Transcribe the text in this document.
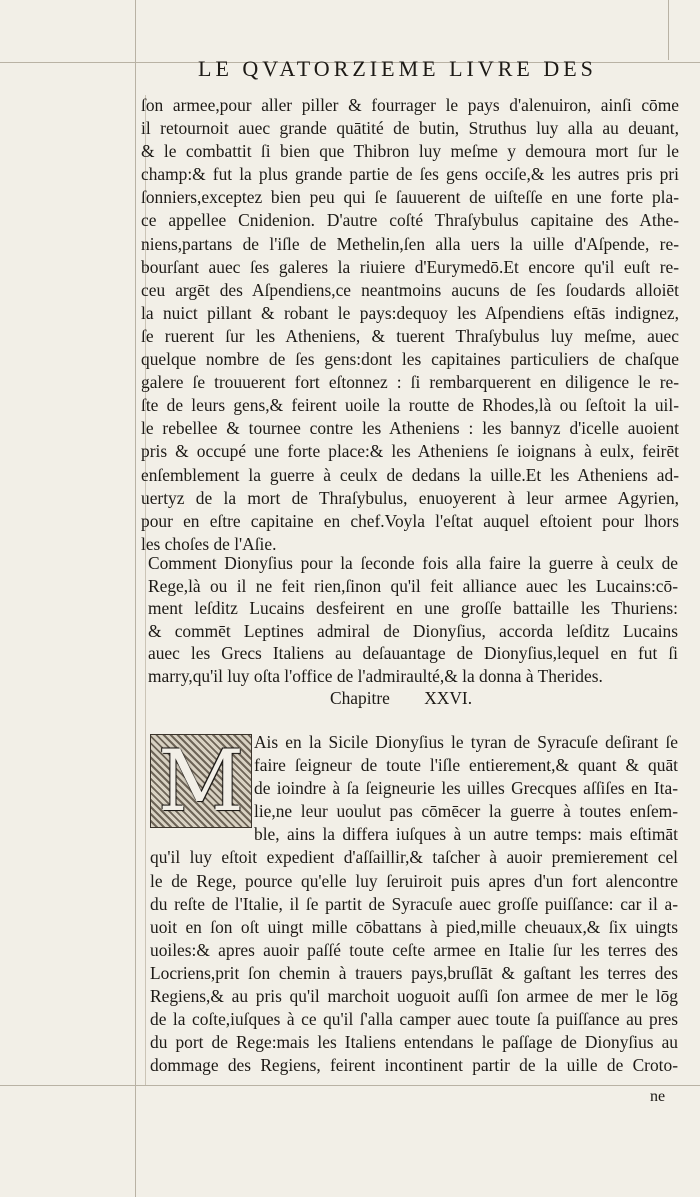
LE QVATORZIEME LIVRE DES
ſon armee,pour aller piller & fourrager le pays d'alenuiron, ainſi cōme
il retournoit auec grande quātité de butin, Struthus luy alla au deuant,
& le combattit ſi bien que Thibron luy meſme y demoura mort ſur le
champ:& fut la plus grande partie de ſes gens occiſe,& les autres pris pri
ſonniers,exceptez bien peu qui ſe ſauuerent de uiſteſſe en une forte pla-
ce appellee Cnidenion. D'autre coſté Thraſybulus capitaine des Athe-
niens,partans de l'iſle de Methelin,ſen alla uers la uille d'Aſpende, re-
bourſant auec ſes galeres la riuiere d'Eurymedō.Et encore qu'il euſt re-
ceu argēt des Aſpendiens,ce neantmoins aucuns de ſes ſoudards alloiēt
la nuict pillant & robant le pays:dequoy les Aſpendiens eſtās indignez,
ſe ruerent ſur les Atheniens, & tuerent Thraſybulus luy meſme, auec
quelque nombre de ſes gens:dont les capitaines particuliers de chaſque
galere ſe trouuerent fort eſtonnez : ſi rembarquerent en diligence le re-
ſte de leurs gens,& feirent uoile la routte de Rhodes,là ou ſeſtoit la uil-
le rebellee & tournee contre les Atheniens : les bannyz d'icelle auoient
pris & occupé une forte place:& les Atheniens ſe ioignans à eulx, feirēt
enſemblement la guerre à ceulx de dedans la uille.Et les Atheniens ad-
uertyz de la mort de Thraſybulus, enuoyerent à leur armee Agyrien,
pour en eſtre capitaine en chef.Voyla l'eſtat auquel eſtoient pour lhors
les choſes de l'Aſie.
Comment Dionyſius pour la ſeconde fois alla faire la guerre à ceulx de
Rege,là ou il ne feit rien,ſinon qu'il feit alliance auec les Lucains:cō-
ment leſditz Lucains desfeirent en une groſſe battaille les Thuriens:
& commēt Leptines admiral de Dionyſius, accorda leſditz Lucains
auec les Grecs Italiens au deſauantage de Dionyſius,lequel en fut ſi
marry,qu'il luy oſta l'office de l'admiraulté,& la donna à Therides.
Chapitre XXVI.
M Ais en la Sicile Dionyſius le tyran de Syracuſe deſirant ſe
faire ſeigneur de toute l'iſle entierement,& quant & quāt
de ioindre à ſa ſeigneurie les uilles Grecques aſſiſes en Ita-
lie,ne leur uoulut pas cōmēcer la guerre à toutes enſem-
ble, ains la differa iuſques à un autre temps: mais eſtimāt
qu'il luy eſtoit expedient d'aſſaillir,& taſcher à auoir premierement cel
le de Rege, pource qu'elle luy ſeruiroit puis apres d'un fort alencontre
du reſte de l'Italie, il ſe partit de Syracuſe auec groſſe puiſſance: car il a-
uoit en ſon oſt uingt mille cōbattans à pied,mille cheuaux,& ſix uingts
uoiles:& apres auoir paſſé toute ceſte armee en Italie ſur les terres des
Locriens,prit ſon chemin à trauers pays,bruſlāt & gaſtant les terres des
Regiens,& au pris qu'il marchoit uoguoit auſſi ſon armee de mer le lōg
de la coſte,iuſques à ce qu'il ſ'alla camper auec toute ſa puiſſance au pres
du port de Rege:mais les Italiens entendans le paſſage de Dionyſius au
dommage des Regiens, feirent incontinent partir de la uille de Croto-
ne
